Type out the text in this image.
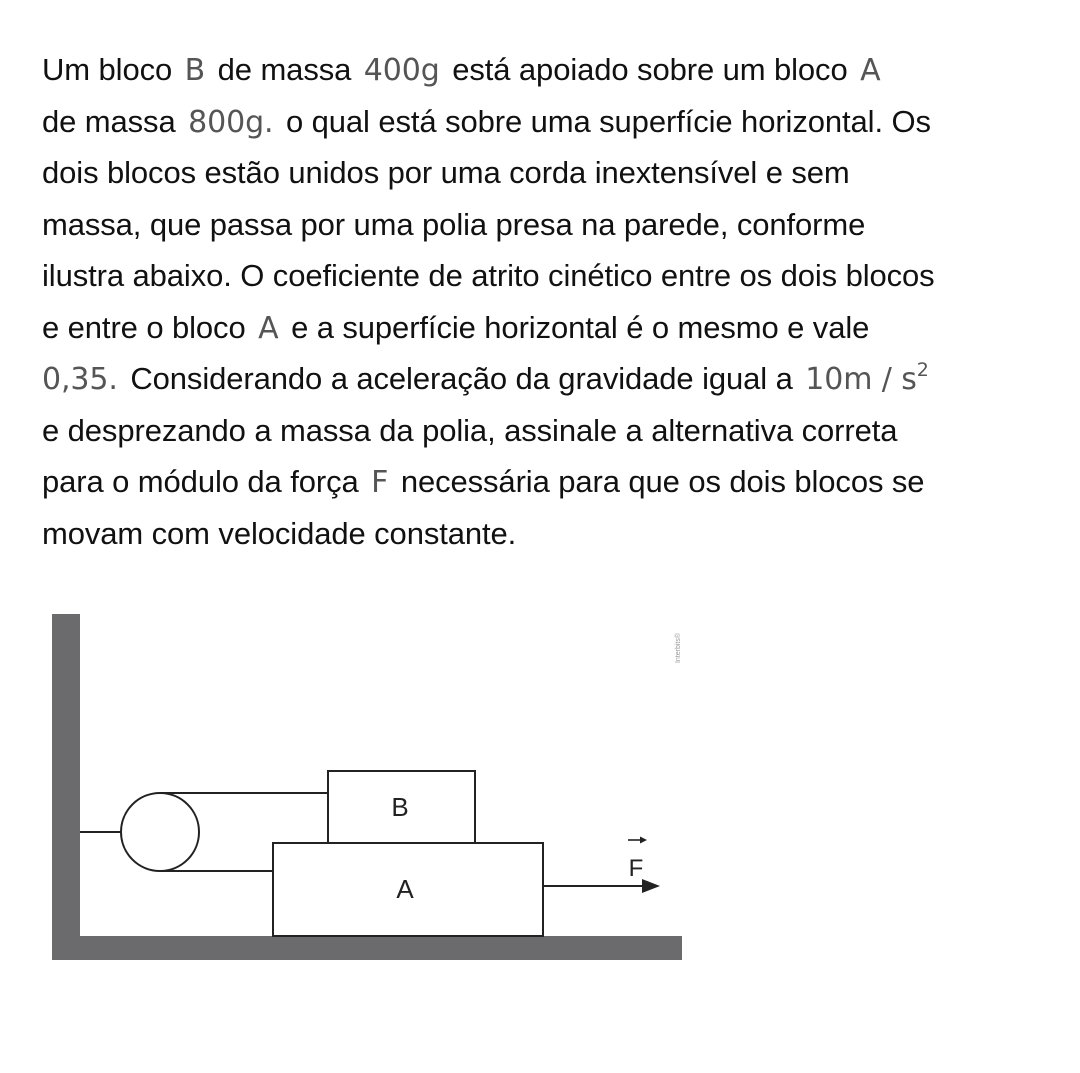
Um bloco B de massa 400g está apoiado sobre um bloco A
de massa 800g. o qual está sobre uma superfície horizontal. Os
dois blocos estão unidos por uma corda inextensível e sem
massa, que passa por uma polia presa na parede, conforme
ilustra abaixo. O coeficiente de atrito cinético entre os dois blocos
e entre o bloco A e a superfície horizontal é o mesmo e vale
0,35. Considerando a aceleração da gravidade igual a $10m / s^2$
e desprezando a massa da polia, assinale a alternativa correta
para o módulo da força F necessária para que os dois blocos se
movam com velocidade constante.
A
B
F
Interbits®
